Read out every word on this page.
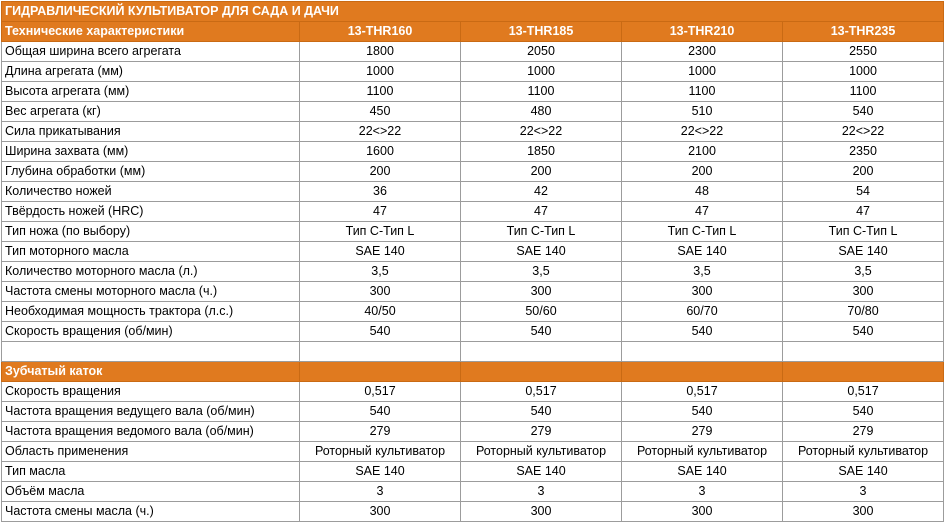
ГИДРАВЛИЧЕСКИЙ КУЛЬТИВАТОР ДЛЯ САДА И ДАЧИ				
Технические характеристики	13-THR160	13-THR185	13-THR210	13-THR235
Общая ширина всего агрегата	1800	2050	2300	2550
Длина агрегата (мм)	1000	1000	1000	1000
Высота агрегата (мм)	1100	1100	1100	1100
Вес агрегата (кг)	450	480	510	540
Сила прикатывания	22<>22	22<>22	22<>22	22<>22
Ширина захвата (мм)	1600	1850	2100	2350
Глубина обработки (мм)	200	200	200	200
Количество ножей	36	42	48	54
Твёрдость ножей (HRC)	47	47	47	47
Тип ножа (по выбору)	Тип С-Тип L	Тип С-Тип L	Тип С-Тип L	Тип С-Тип L
Тип моторного масла	SAE 140	SAE 140	SAE 140	SAE 140
Количество моторного масла (л.)	3,5	3,5	3,5	3,5
Частота смены моторного масла (ч.)	300	300	300	300
Необходимая мощность трактора (л.с.)	40/50	50/60	60/70	70/80
Скорость вращения (об/мин)	540	540	540	540

Зубчатый каток				
Скорость вращения	0,517	0,517	0,517	0,517
Частота вращения ведущего вала (об/мин)	540	540	540	540
Частота вращения ведомого вала (об/мин)	279	279	279	279
Область применения	Роторный культиватор	Роторный культиватор	Роторный культиватор	Роторный культиватор
Тип масла	SAE 140	SAE 140	SAE 140	SAE 140
Объём масла	3	3	3	3
Частота смены масла (ч.)	300	300	300	300
